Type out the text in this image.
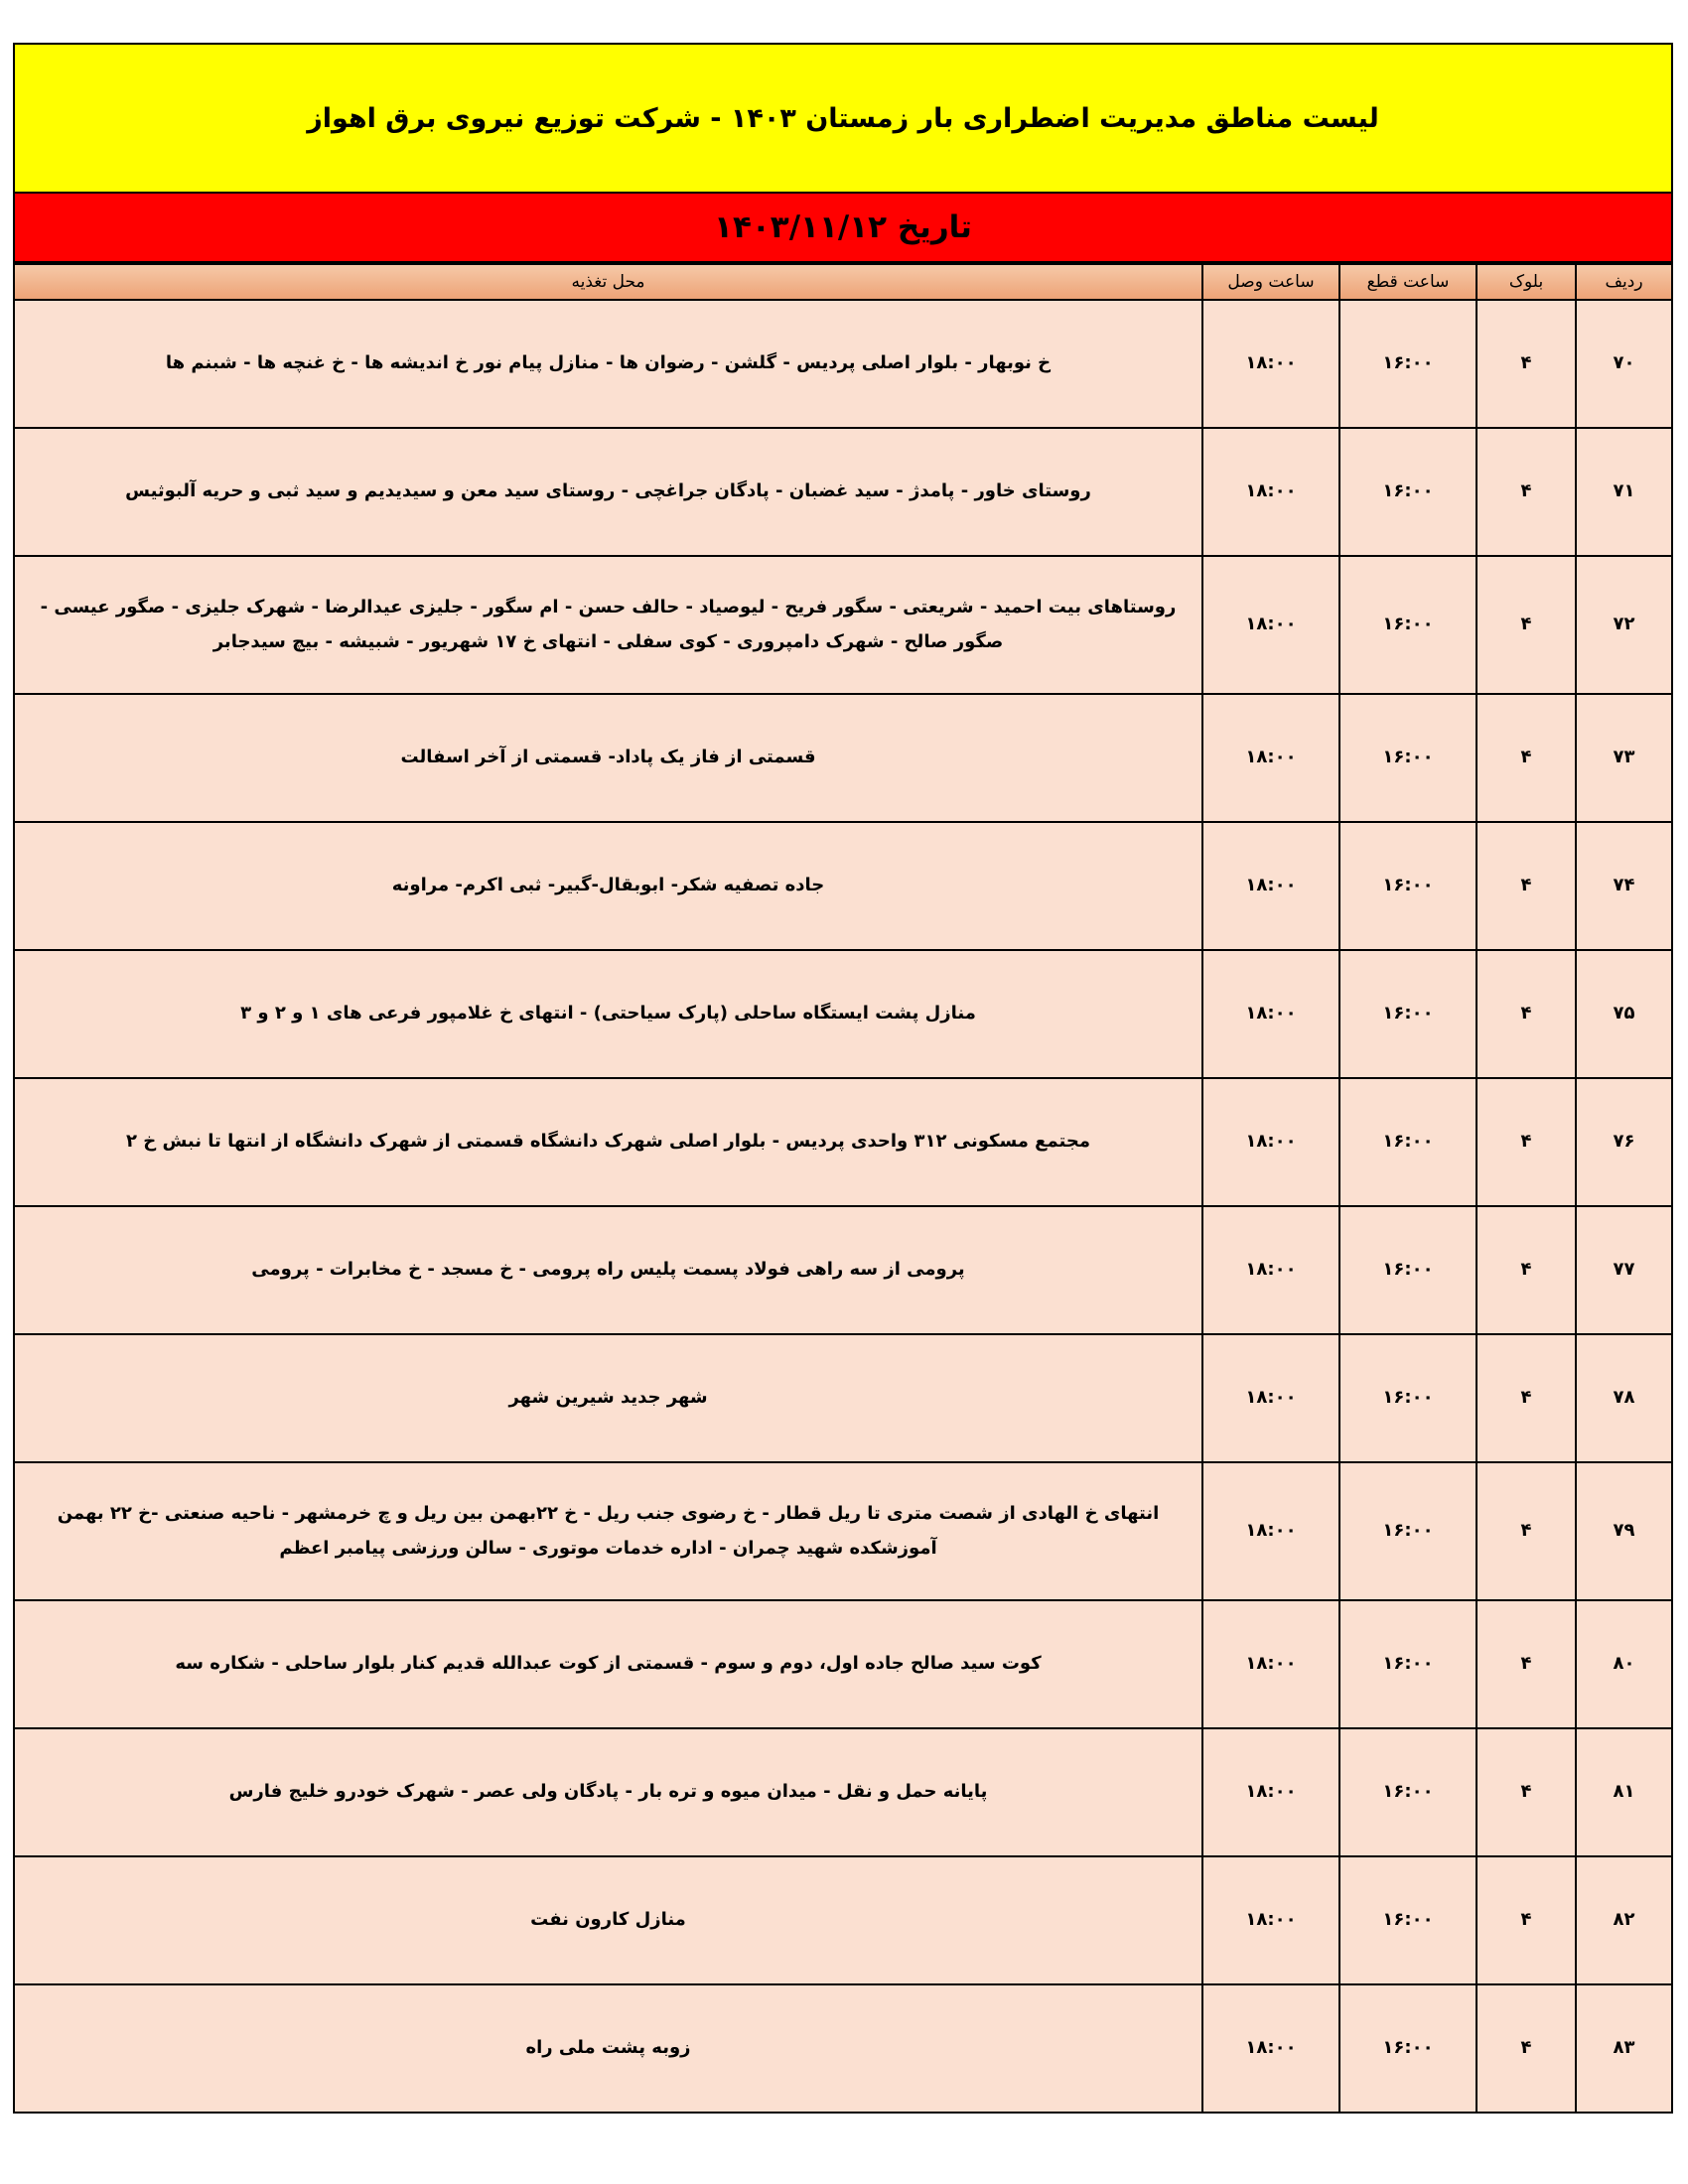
لیست مناطق مدیریت اضطراری بار زمستان ۱۴۰۳ - شرکت توزیع نیروی برق اهواز
تاریخ ۱۴۰۳/۱۱/۱۲
ردیف	بلوک	ساعت قطع	ساعت وصل	محل تغذیه
۷۰	۴	۱۶:۰۰	۱۸:۰۰	خ نوبهار - بلوار اصلی پردیس - گلشن - رضوان ها - منازل پیام نور خ اندیشه ها - خ غنچه ها - شبنم ها
۷۱	۴	۱۶:۰۰	۱۸:۰۰	روستای خاور - پامدژ - سید غضبان - پادگان جراغچی - روستای سید معن و سیدیدیم و سید ثبی و حریه آلبوثیس
۷۲	۴	۱۶:۰۰	۱۸:۰۰	روستاهای بیت احمید - شریعتی - سگور فریح - لیوصیاد - حالف حسن - ام سگور - جلیزی عیدالرضا - شهرک جلیزی - صگور عیسی - صگور صالح - شهرک دامپروری - کوی سفلی - انتهای خ ۱۷ شهریور - شبیشه - بیچ سیدجابر
۷۳	۴	۱۶:۰۰	۱۸:۰۰	قسمتی از فاز یک پاداد- قسمتی از آخر اسفالت
۷۴	۴	۱۶:۰۰	۱۸:۰۰	جاده تصفیه شکر- ابوبقال-گبیر- ثبی اکرم- مراونه
۷۵	۴	۱۶:۰۰	۱۸:۰۰	منازل پشت ایستگاه ساحلی (پارک سیاحتی) - انتهای خ غلامپور فرعی های ۱ و ۲ و ۳
۷۶	۴	۱۶:۰۰	۱۸:۰۰	مجتمع مسکونی ۳۱۲ واحدی پردیس - بلوار اصلی شهرک دانشگاه قسمتی از شهرک دانشگاه از انتها تا نبش خ ۲
۷۷	۴	۱۶:۰۰	۱۸:۰۰	پرومی از سه راهی فولاد پسمت پلیس راه پرومی - خ مسجد - خ مخابرات - پرومی
۷۸	۴	۱۶:۰۰	۱۸:۰۰	شهر جدید شیرین شهر
۷۹	۴	۱۶:۰۰	۱۸:۰۰	انتهای خ الهادی از شصت متری تا ریل قطار - خ رضوی جنب ریل - خ ۲۲بهمن بین ریل و چ خرمشهر - ناحیه صنعتی -خ ۲۲ بهمن آموزشکده شهید چمران - اداره خدمات موتوری - سالن ورزشی پیامبر اعظم
۸۰	۴	۱۶:۰۰	۱۸:۰۰	کوت سید صالح جاده اول، دوم و سوم - قسمتی از کوت عبدالله قدیم کنار بلوار ساحلی - شکاره سه
۸۱	۴	۱۶:۰۰	۱۸:۰۰	پایانه حمل و نقل - میدان میوه و تره بار - پادگان ولی عصر - شهرک خودرو خلیج فارس
۸۲	۴	۱۶:۰۰	۱۸:۰۰	منازل کارون نفت
۸۳	۴	۱۶:۰۰	۱۸:۰۰	زوبه پشت ملی راه
